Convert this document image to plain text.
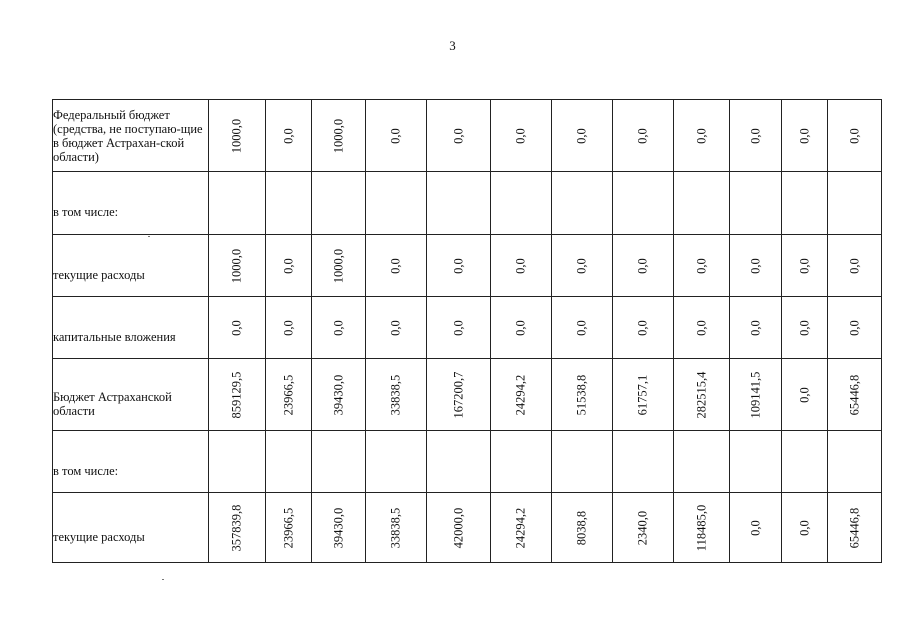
3
Федеральный бюджет (средства, не поступаю-щие в бюджет Астрахан-ской области)	1000,0	0,0	1000,0	0,0	0,0	0,0	0,0	0,0	0,0	0,0	0,0	0,0

в том числе:												

текущие расходы	1000,0	0,0	1000,0	0,0	0,0	0,0	0,0	0,0	0,0	0,0	0,0	0,0

капитальные вложения	0,0	0,0	0,0	0,0	0,0	0,0	0,0	0,0	0,0	0,0	0,0	0,0

Бюджет Астраханской области	859129,5	23966,5	39430,0	33838,5	167200,7	24294,2	51538,8	61757,1	282515,4	109141,5	0,0	65446,8

в том числе:												

текущие расходы	357839,8	23966,5	39430,0	33838,5	42000,0	24294,2	8038,8	2340,0	118485,0	0,0	0,0	65446,8
